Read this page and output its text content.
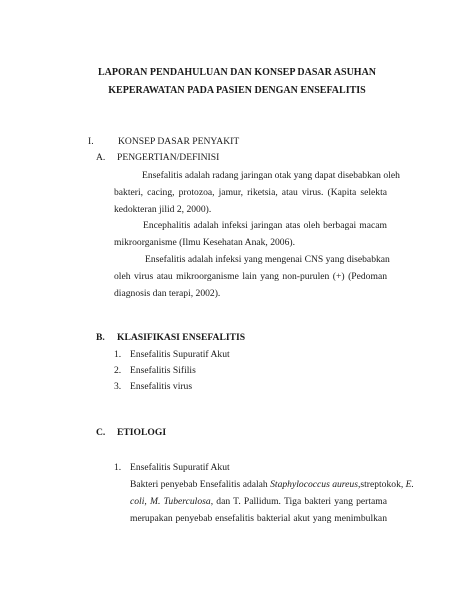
LAPORAN PENDAHULUAN DAN KONSEP DASAR ASUHAN
KEPERAWATAN PADA PASIEN DENGAN ENSEFALITIS
I.	KONSEP DASAR PENYAKIT
A. PENGERTIAN/DEFINISI
Ensefalitis adalah radang jaringan otak yang dapat disebabkan oleh
bakteri, cacing, protozoa, jamur, riketsia, atau virus. (Kapita selekta
kedokteran jilid 2, 2000).
Encephalitis adalah infeksi jaringan atas oleh berbagai macam
mikroorganisme (Ilmu Kesehatan Anak, 2006).
Ensefalitis adalah infeksi yang mengenai CNS yang disebabkan
oleh virus atau mikroorganisme lain yang non-purulen (+) (Pedoman
diagnosis dan terapi, 2002).
B. KLASIFIKASI ENSEFALITIS
1. Ensefalitis Supuratif Akut
2. Ensefalitis Sifilis
3. Ensefalitis virus
C. ETIOLOGI
1. Ensefalitis Supuratif Akut
Bakteri penyebab Ensefalitis adalah Staphylococcus aureus,streptokok, E.
coli, M. Tuberculosa, dan T. Pallidum. Tiga bakteri yang pertama
merupakan penyebab ensefalitis bakterial akut yang menimbulkan
